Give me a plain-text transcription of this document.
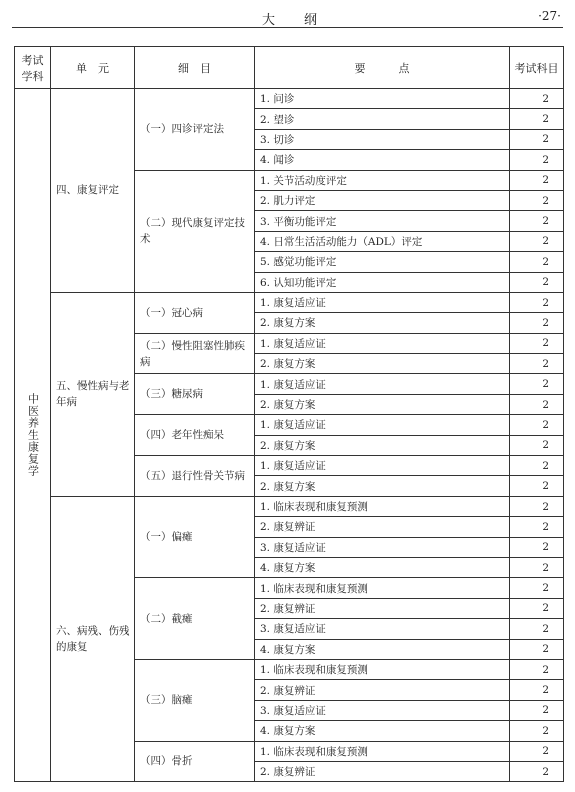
大　　纲	·27·
考试学科	单　元	细　目	要　　　点	考试科目

中医养生康复学	四、康复评定	（一）四诊评定法	1. 问诊	2
			2. 望诊	2
			3. 切诊	2
			4. 闻诊	2
		（二）现代康复评定技术	1. 关节活动度评定	2
			2. 肌力评定	2
			3. 平衡功能评定	2
			4. 日常生活活动能力（ADL）评定	2
			5. 感觉功能评定	2
			6. 认知功能评定	2
	五、慢性病与老年病	（一）冠心病	1. 康复适应证	2
			2. 康复方案	2
		（二）慢性阻塞性肺疾病	1. 康复适应证	2
			2. 康复方案	2
		（三）糖尿病	1. 康复适应证	2
			2. 康复方案	2
		（四）老年性痴呆	1. 康复适应证	2
			2. 康复方案	2
		（五）退行性骨关节病	1. 康复适应证	2
			2. 康复方案	2
	六、病残、伤残的康复	（一）偏瘫	1. 临床表现和康复预测	2
			2. 康复辨证	2
			3. 康复适应证	2
			4. 康复方案	2
		（二）截瘫	1. 临床表现和康复预测	2
			2. 康复辨证	2
			3. 康复适应证	2
			4. 康复方案	2
		（三）脑瘫	1. 临床表现和康复预测	2
			2. 康复辨证	2
			3. 康复适应证	2
			4. 康复方案	2
		（四）骨折	1. 临床表现和康复预测	2
			2. 康复辨证	2
